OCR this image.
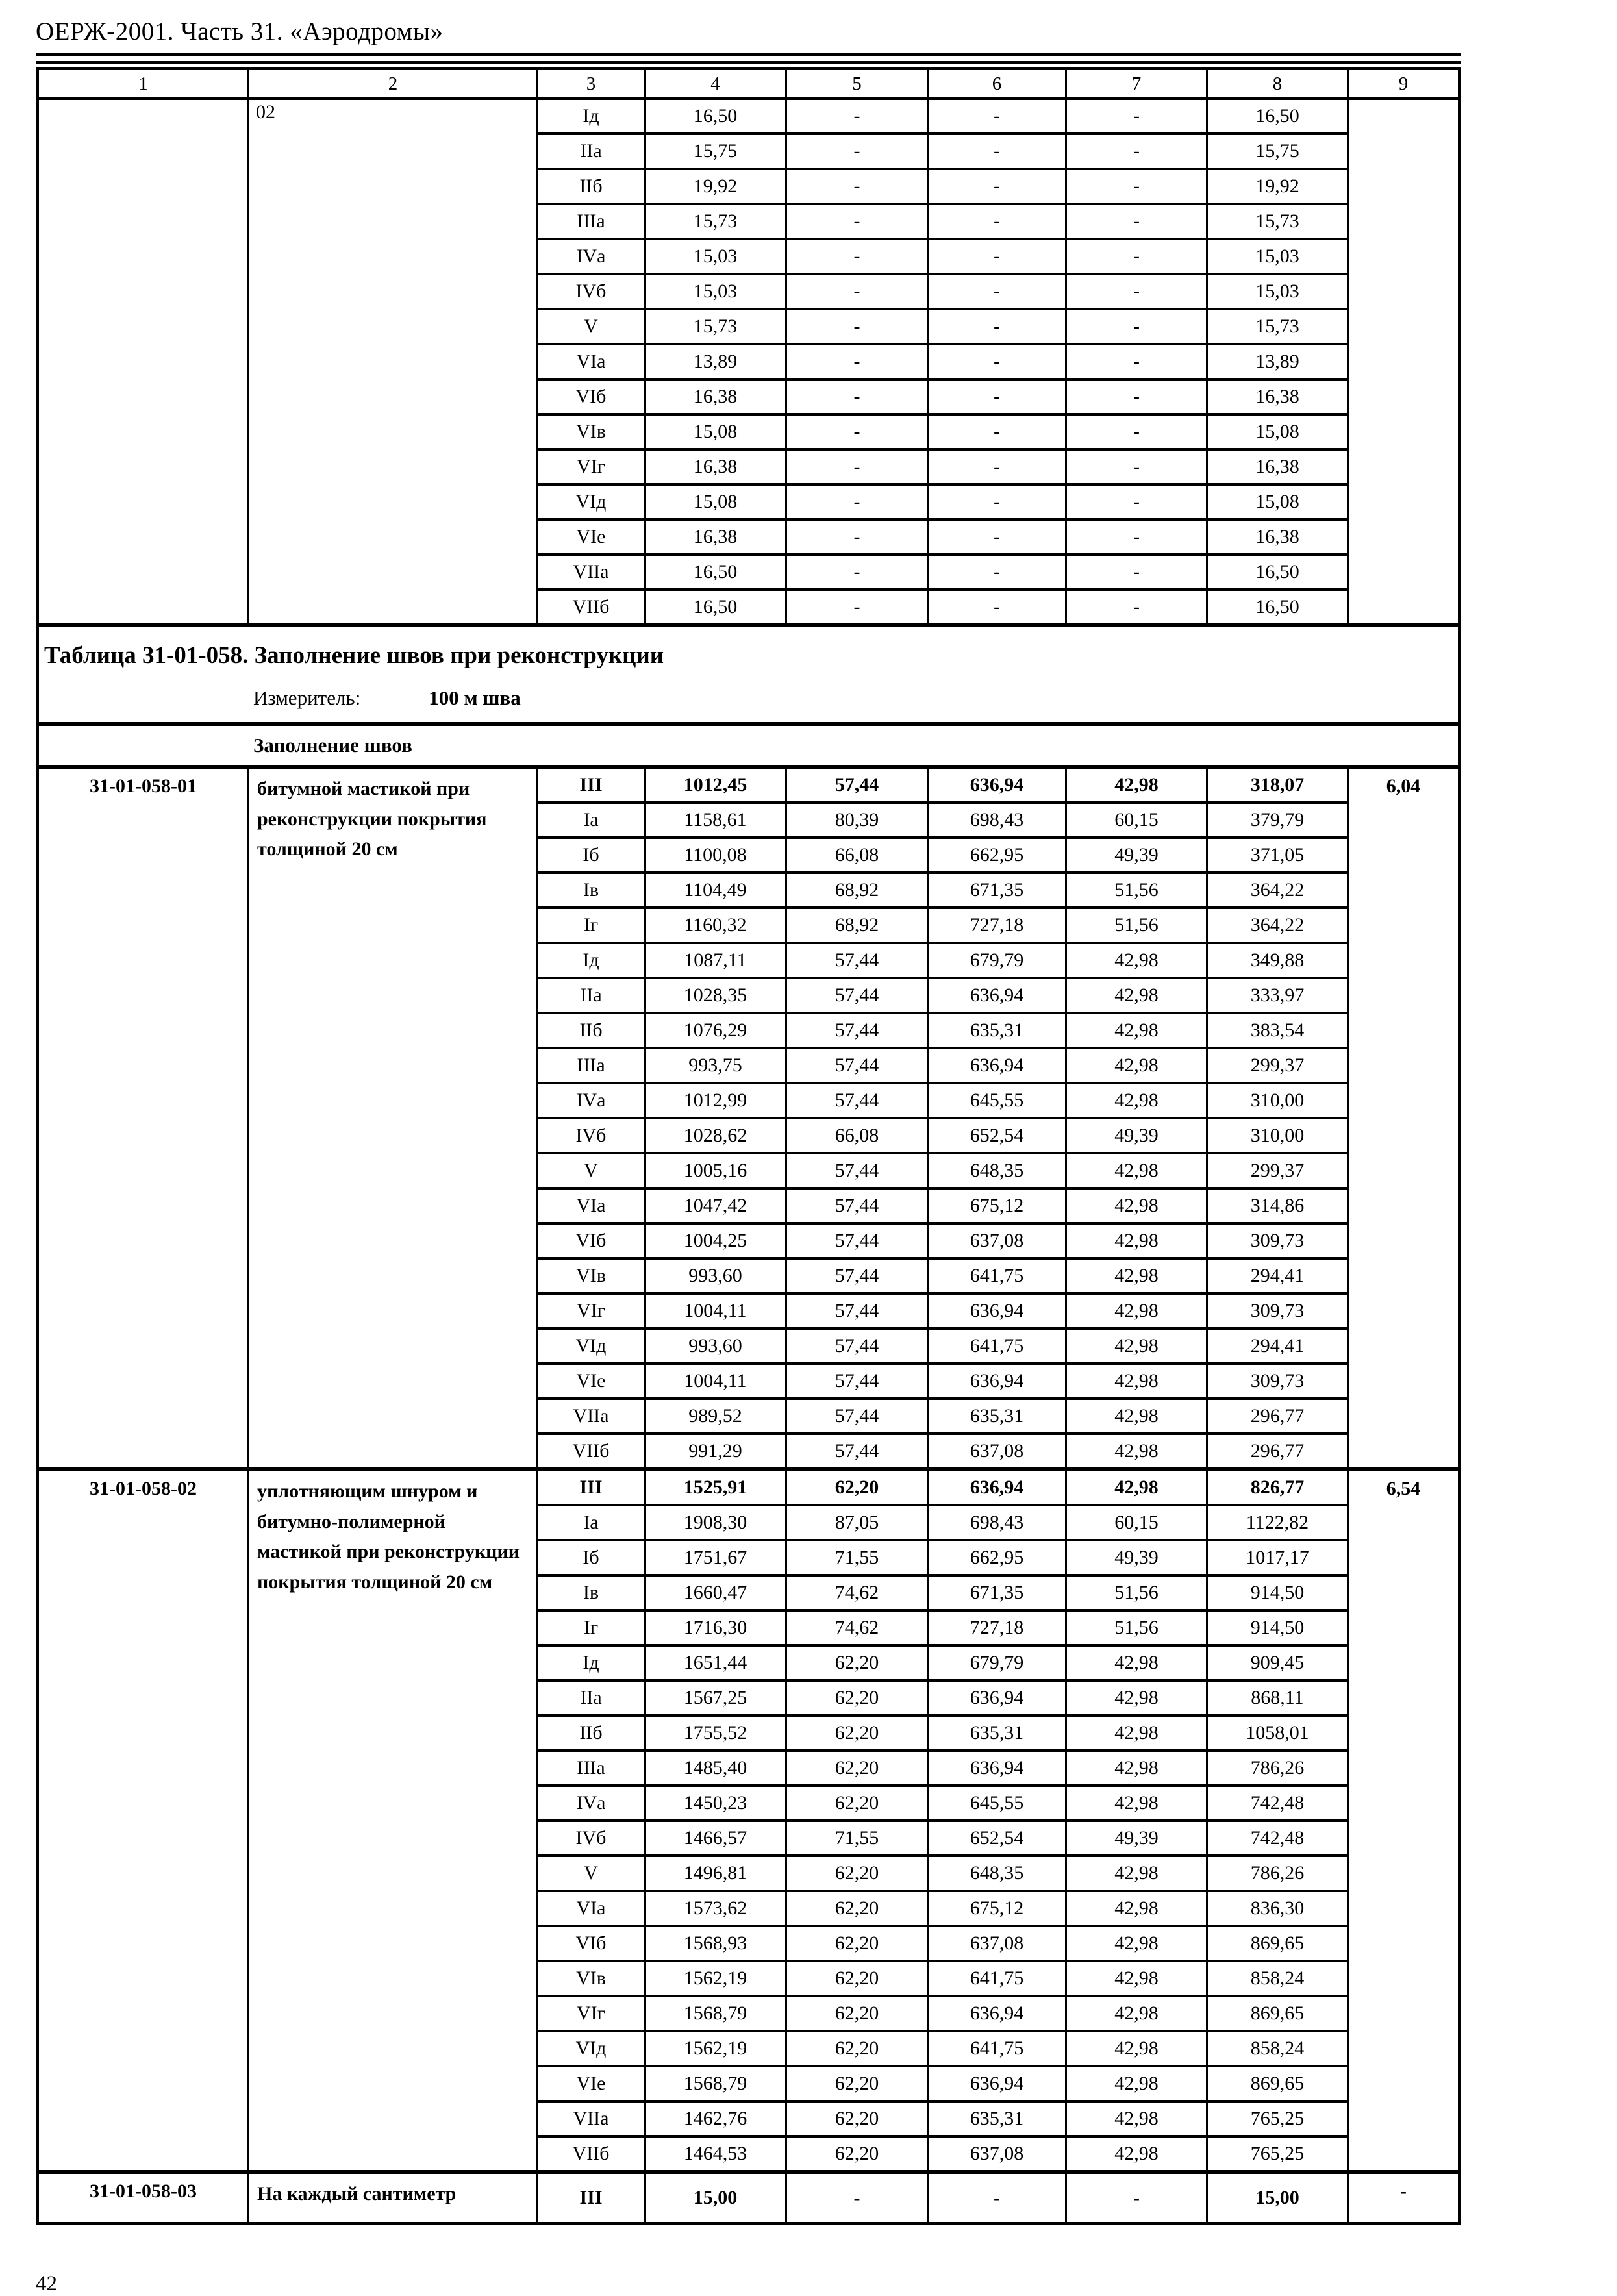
ОЕРЖ-2001. Часть 31. «Аэродромы»
1	2	3	4	5	6	7	8	9
	02	Iд	16,50	-	-	-	16,50	
		IIа	15,75	-	-	-	15,75	
		IIб	19,92	-	-	-	19,92	
		IIIа	15,73	-	-	-	15,73	
		IVа	15,03	-	-	-	15,03	
		IVб	15,03	-	-	-	15,03	
		V	15,73	-	-	-	15,73	
		VIа	13,89	-	-	-	13,89	
		VIб	16,38	-	-	-	16,38	
		VIв	15,08	-	-	-	15,08	
		VIг	16,38	-	-	-	16,38	
		VIд	15,08	-	-	-	15,08	
		VIе	16,38	-	-	-	16,38	
		VIIа	16,50	-	-	-	16,50	
		VIIб	16,50	-	-	-	16,50	
Таблица 31-01-058. Заполнение швов при реконструкции								
Измеритель: 100 м шва								
Заполнение швов								
31-01-058-01	битумной мастикой при реконструкции покрытия толщиной 20 см	III	1012,45	57,44	636,94	42,98	318,07	6,04
		Iа	1158,61	80,39	698,43	60,15	379,79	
		Iб	1100,08	66,08	662,95	49,39	371,05	
		Iв	1104,49	68,92	671,35	51,56	364,22	
		Iг	1160,32	68,92	727,18	51,56	364,22	
		Iд	1087,11	57,44	679,79	42,98	349,88	
		IIа	1028,35	57,44	636,94	42,98	333,97	
		IIб	1076,29	57,44	635,31	42,98	383,54	
		IIIа	993,75	57,44	636,94	42,98	299,37	
		IVа	1012,99	57,44	645,55	42,98	310,00	
		IVб	1028,62	66,08	652,54	49,39	310,00	
		V	1005,16	57,44	648,35	42,98	299,37	
		VIа	1047,42	57,44	675,12	42,98	314,86	
		VIб	1004,25	57,44	637,08	42,98	309,73	
		VIв	993,60	57,44	641,75	42,98	294,41	
		VIг	1004,11	57,44	636,94	42,98	309,73	
		VIд	993,60	57,44	641,75	42,98	294,41	
		VIе	1004,11	57,44	636,94	42,98	309,73	
		VIIа	989,52	57,44	635,31	42,98	296,77	
		VIIб	991,29	57,44	637,08	42,98	296,77	
31-01-058-02	уплотняющим шнуром и битумно-полимерной мастикой при реконструкции покрытия толщиной 20 см	III	1525,91	62,20	636,94	42,98	826,77	6,54
		Iа	1908,30	87,05	698,43	60,15	1122,82	
		Iб	1751,67	71,55	662,95	49,39	1017,17	
		Iв	1660,47	74,62	671,35	51,56	914,50	
		Iг	1716,30	74,62	727,18	51,56	914,50	
		Iд	1651,44	62,20	679,79	42,98	909,45	
		IIа	1567,25	62,20	636,94	42,98	868,11	
		IIб	1755,52	62,20	635,31	42,98	1058,01	
		IIIа	1485,40	62,20	636,94	42,98	786,26	
		IVа	1450,23	62,20	645,55	42,98	742,48	
		IVб	1466,57	71,55	652,54	49,39	742,48	
		V	1496,81	62,20	648,35	42,98	786,26	
		VIа	1573,62	62,20	675,12	42,98	836,30	
		VIб	1568,93	62,20	637,08	42,98	869,65	
		VIв	1562,19	62,20	641,75	42,98	858,24	
		VIг	1568,79	62,20	636,94	42,98	869,65	
		VIд	1562,19	62,20	641,75	42,98	858,24	
		VIе	1568,79	62,20	636,94	42,98	869,65	
		VIIа	1462,76	62,20	635,31	42,98	765,25	
		VIIб	1464,53	62,20	637,08	42,98	765,25	
31-01-058-03	На каждый сантиметр	III	15,00	-	-	-	15,00	-
42
